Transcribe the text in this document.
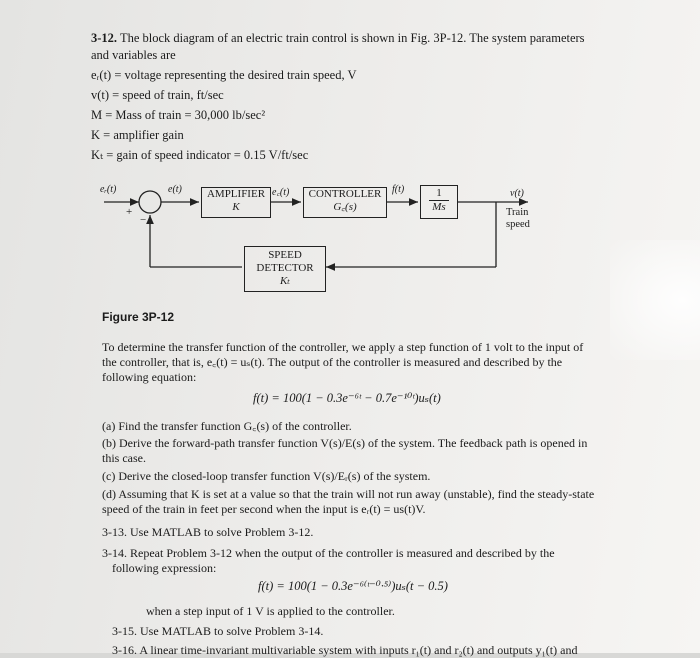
3-12. The block diagram of an electric train control is shown in Fig. 3P-12. The system parameters
and variables are
eᵣ(t) = voltage representing the desired train speed, V
v(t) = speed of train, ft/sec
M = Mass of train = 30,000 lb/sec²
K = amplifier gain
Kₜ = gain of speed indicator = 0.15 V/ft/sec
eᵣ(t)
+
−
e(t)	AMPLIFIER
K
e꜀(t)	CONTROLLER
G꜀(s)
$f(t) \frac{1}{Ms}$	v(t)
Train
speed
SPEED
DETECTOR
Kₜ
Figure 3P-12
To determine the transfer function of the controller, we apply a step function of 1 volt to the input of
the controller, that is, e꜀(t) = uₛ(t). The output of the controller is measured and described by the
following equation:
f(t) = 100(1 − 0.3e⁻⁶ᵗ − 0.7e⁻¹⁰ᵗ)uₛ(t)
(a) Find the transfer function G꜀(s) of the controller.
(b) Derive the forward-path transfer function V(s)/E(s) of the system. The feedback path is opened in
this case.
(c) Derive the closed-loop transfer function V(s)/Eᵣ(s) of the system.
(d) Assuming that K is set at a value so that the train will not run away (unstable), find the steady-state
speed of the train in feet per second when the input is eᵣ(t) = us(t)V.
3-13. Use MATLAB to solve Problem 3-12.
3-14. Repeat Problem 3-12 when the output of the controller is measured and described by the
following expression:
f(t) = 100(1 − 0.3e⁻⁶⁽ᵗ⁻⁰·⁵⁾)uₛ(t − 0.5)
when a step input of 1 V is applied to the controller.
3-15. Use MATLAB to solve Problem 3-14.
3-16. A linear time-invariant multivariable system with inputs r₁(t) and r₂(t) and outputs y₁(t) and
